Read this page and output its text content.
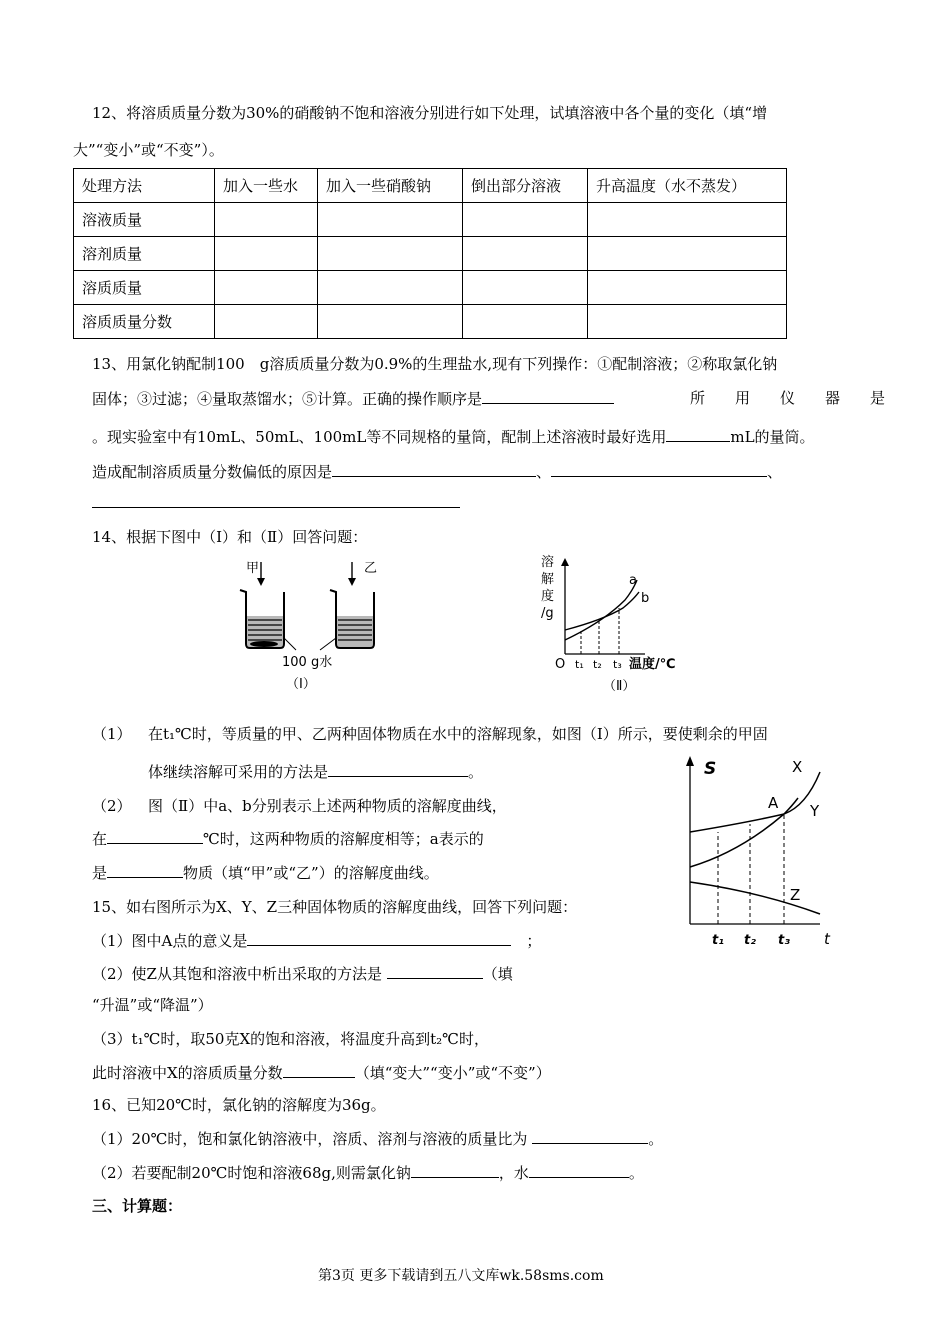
12、将溶质质量分数为30%的硝酸钠不饱和溶液分别进行如下处理，试填溶液中各个量的变化（填“增
大”“变小”或“不变”）。
处理方法	加入一些水	加入一些硝酸钠	倒出部分溶液	升高温度（水不蒸发）
溶液质量				
溶剂质量				
溶质质量				
溶质质量分数				
13、用氯化钠配制100　g溶质质量分数为0.9%的生理盐水,现有下列操作：①配制溶液；②称取氯化钠
固体；③过滤；④量取蒸馏水；⑤计算。正确的操作顺序是	所　　用　　仪　　器　　是
。现实验室中有10mL、50mL、100mL等不同规格的量筒，配制上述溶液时最好选用	mL的量筒。
造成配制溶质质量分数偏低的原因是	、	、
14、根据下图中（Ⅰ）和（Ⅱ）回答问题：
甲	乙
100 g水
（Ⅰ）
溶
解
度
/g
a
b
O t₁ t₂ t₃ 温度/℃
（Ⅱ）
（1） 在t₁℃时，等质量的甲、乙两种固体物质在水中的溶解现象，如图（Ⅰ）所示，要使剩余的甲固
体继续溶解可采用的方法是	。
（2） 图（Ⅱ）中a、b分别表示上述两种物质的溶解度曲线，
在	℃时，这两种物质的溶解度相等；a表示的
是	物质（填“甲”或“乙”）的溶解度曲线。
S	X
Y
A
Z
t₁ t₂ t₃ t
15、如右图所示为X、Y、Z三种固体物质的溶解度曲线，回答下列问题：
（1）图中A点的意义是　	；
（2）使Z从其饱和溶液中析出采取的方法是	（填
“升温”或“降温”）
（3）t₁℃时，取50克X的饱和溶液，将温度升高到t₂℃时，
此时溶液中X的溶质质量分数	（填“变大”“变小”或“不变”）
16、已知20℃时，氯化钠的溶解度为36g。
（1）20℃时，饱和氯化钠溶液中，溶质、溶剂与溶液的质量比为	。
（2）若要配制20℃时饱和溶液68g,则需氯化钠	，水	。
三、计算题：
第3页 更多下载请到五八文库wk.58sms.com
